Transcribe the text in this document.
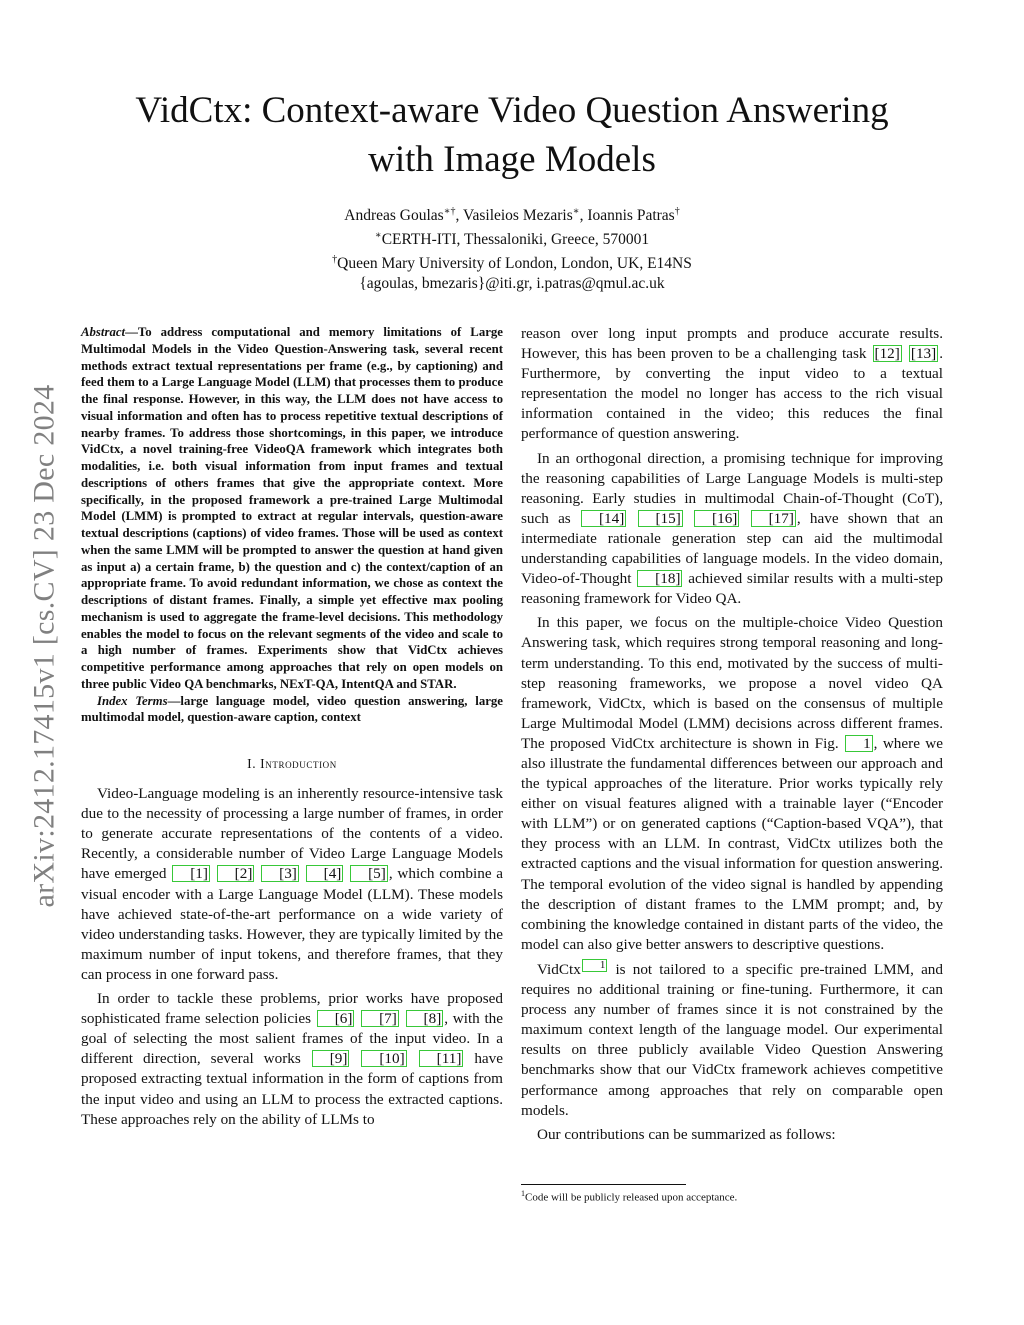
arXiv:2412.17415v1 [cs.CV] 23 Dec 2024
VidCtx: Context-aware Video Question Answering
with Image Models
Andreas Goulas∗†, Vasileios Mezaris∗, Ioannis Patras†
∗CERTH-ITI, Thessaloniki, Greece, 570001
†Queen Mary University of London, London, UK, E14NS
{agoulas, bmezaris}@iti.gr, i.patras@qmul.ac.uk

Abstract—To address computational and memory limitations of Large Multimodal Models in the Video Question-Answering task, several recent methods extract textual representations per frame (e.g., by captioning) and feed them to a Large Language Model (LLM) that processes them to produce the final response. However, in this way, the LLM does not have access to visual information and often has to process repetitive textual descriptions of nearby frames. To address those shortcomings, in this paper, we introduce VidCtx, a novel training-free VideoQA framework which integrates both modalities, i.e. both visual information from input frames and textual descriptions of others frames that give the appropriate context. More specifically, in the proposed framework a pre-trained Large Multimodal Model (LMM) is prompted to extract at regular intervals, question-aware textual descriptions (captions) of video frames. Those will be used as context when the same LMM will be prompted to answer the question at hand given as input a) a certain frame, b) the question and c) the context/caption of an appropriate frame. To avoid redundant information, we chose as context the descriptions of distant frames. Finally, a simple yet effective max pooling mechanism is used to aggregate the frame-level decisions. This methodology enables the model to focus on the relevant segments of the video and scale to a high number of frames. Experiments show that VidCtx achieves competitive performance among approaches that rely on open models on three public Video QA benchmarks, NExT-QA, IntentQA and STAR.

Index Terms—large language model, video question answering, large multimodal model, question-aware caption, context

I. Introduction

Video-Language modeling is an inherently resource-intensive task due to the necessity of processing a large number of frames, in order to generate accurate representations of the contents of a video. Recently, a considerable number of Video Large Language Models have emerged [1] [2] [3] [4] [5] , which combine a visual encoder with a Large Language Model (LLM). These models have achieved state-of-the-art performance on a wide variety of video understanding tasks. However, they are typically limited by the maximum number of input tokens, and therefore frames, that they can process in one forward pass.

In order to tackle these problems, prior works have proposed sophisticated frame selection policies [6] [7] [8] , with the goal of selecting the most salient frames of the input video. In a different direction, several works [9] [10] [11] have proposed extracting textual information in the form of captions from the input video and using an LLM to process the extracted captions. These approaches rely on the ability of LLMs to

reason over long input prompts and produce accurate results. However, this has been proven to be a challenging task [12] [13] . Furthermore, by converting the input video to a textual representation the model no longer has access to the rich visual information contained in the video; this reduces the final performance of question answering.

In an orthogonal direction, a promising technique for improving the reasoning capabilities of Large Language Models is multi-step reasoning. Early studies in multimodal Chain-of-Thought (CoT), such as [14] [15] [16] [17] , have shown that an intermediate rationale generation step can aid the multimodal understanding capabilities of language models. In the video domain, Video-of-Thought [18] achieved similar results with a multi-step reasoning framework for Video QA.

In this paper, we focus on the multiple-choice Video Question Answering task, which requires strong temporal reasoning and long-term understanding. To this end, motivated by the success of multi-step reasoning frameworks, we propose a novel video QA framework, VidCtx, which is based on the consensus of multiple Large Multimodal Model (LMM) decisions across different frames. The proposed VidCtx architecture is shown in Fig. 1 , where we also illustrate the fundamental differences between our approach and the typical approaches of the literature. Prior works typically rely either on visual features aligned with a trainable layer (“Encoder with LLM”) or on generated captions (“Caption-based VQA”), that they process with an LLM. In contrast, VidCtx utilizes both the extracted captions and the visual information for question answering. The temporal evolution of the video signal is handled by appending the description of distant frames to the LMM prompt; and, by combining the knowledge contained in distant parts of the video, the model can also give better answers to descriptive questions.

VidCtx 1 is not tailored to a specific pre-trained LMM, and requires no additional training or fine-tuning. Furthermore, it can process any number of frames since it is not constrained by the maximum context length of the language model. Our experimental results on three publicly available Video Question Answering benchmarks show that our VidCtx framework achieves competitive performance among approaches that rely on comparable open models.

Our contributions can be summarized as follows:

$^1$Code will be publicly released upon acceptance.
